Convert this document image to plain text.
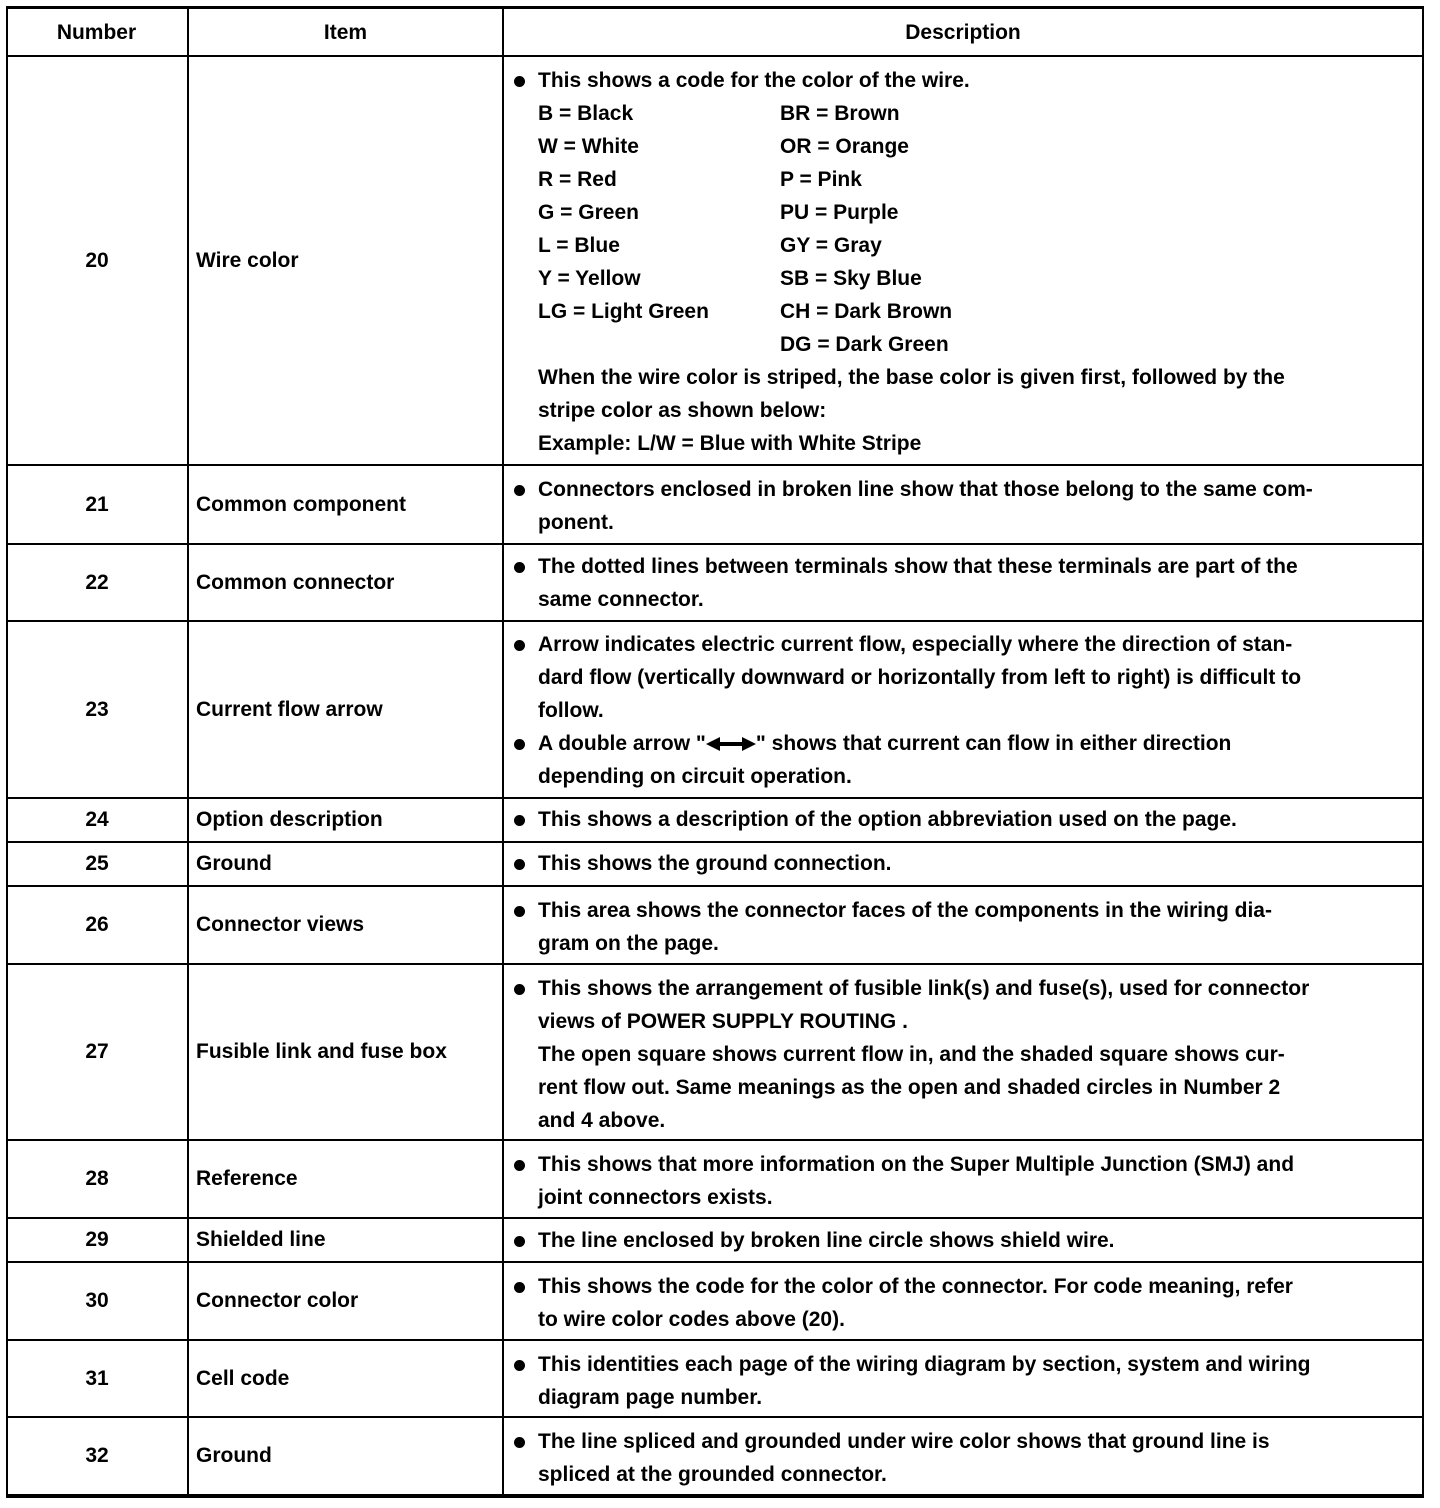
Number	Item	Description
20	Wire color
This shows a code for the color of the wire.
B = Black
W = White
R = Red
G = Green
L = Blue
Y = Yellow
LG = Light Green
BR = Brown
OR = Orange
P = Pink
PU = Purple
GY = Gray
SB = Sky Blue
CH = Dark Brown
DG = Dark Green
When the wire color is striped, the base color is given first, followed by the
stripe color as shown below:
Example: L/W = Blue with White Stripe
21	Common component
Connectors enclosed in broken line show that those belong to the same com-
ponent.
22	Common connector
The dotted lines between terminals show that these terminals are part of the
same connector.
23	Current flow arrow
Arrow indicates electric current flow, especially where the direction of stan-
dard flow (vertically downward or horizontally from left to right) is difficult to
follow.
A double arrow " " shows that current can flow in either direction
depending on circuit operation.
24	Option description	This shows a description of the option abbreviation used on the page.
25	Ground	This shows the ground connection.
26	Connector views
This area shows the connector faces of the components in the wiring dia-
gram on the page.
27	Fusible link and fuse box
This shows the arrangement of fusible link(s) and fuse(s), used for connector
views of POWER SUPPLY ROUTING .
The open square shows current flow in, and the shaded square shows cur-
rent flow out. Same meanings as the open and shaded circles in Number 2
and 4 above.
28	Reference
This shows that more information on the Super Multiple Junction (SMJ) and
joint connectors exists.
29	Shielded line	The line enclosed by broken line circle shows shield wire.
30	Connector color
This shows the code for the color of the connector. For code meaning, refer
to wire color codes above (20).
31	Cell code
This identities each page of the wiring diagram by section, system and wiring
diagram page number.
32	Ground
The line spliced and grounded under wire color shows that ground line is
spliced at the grounded connector.
